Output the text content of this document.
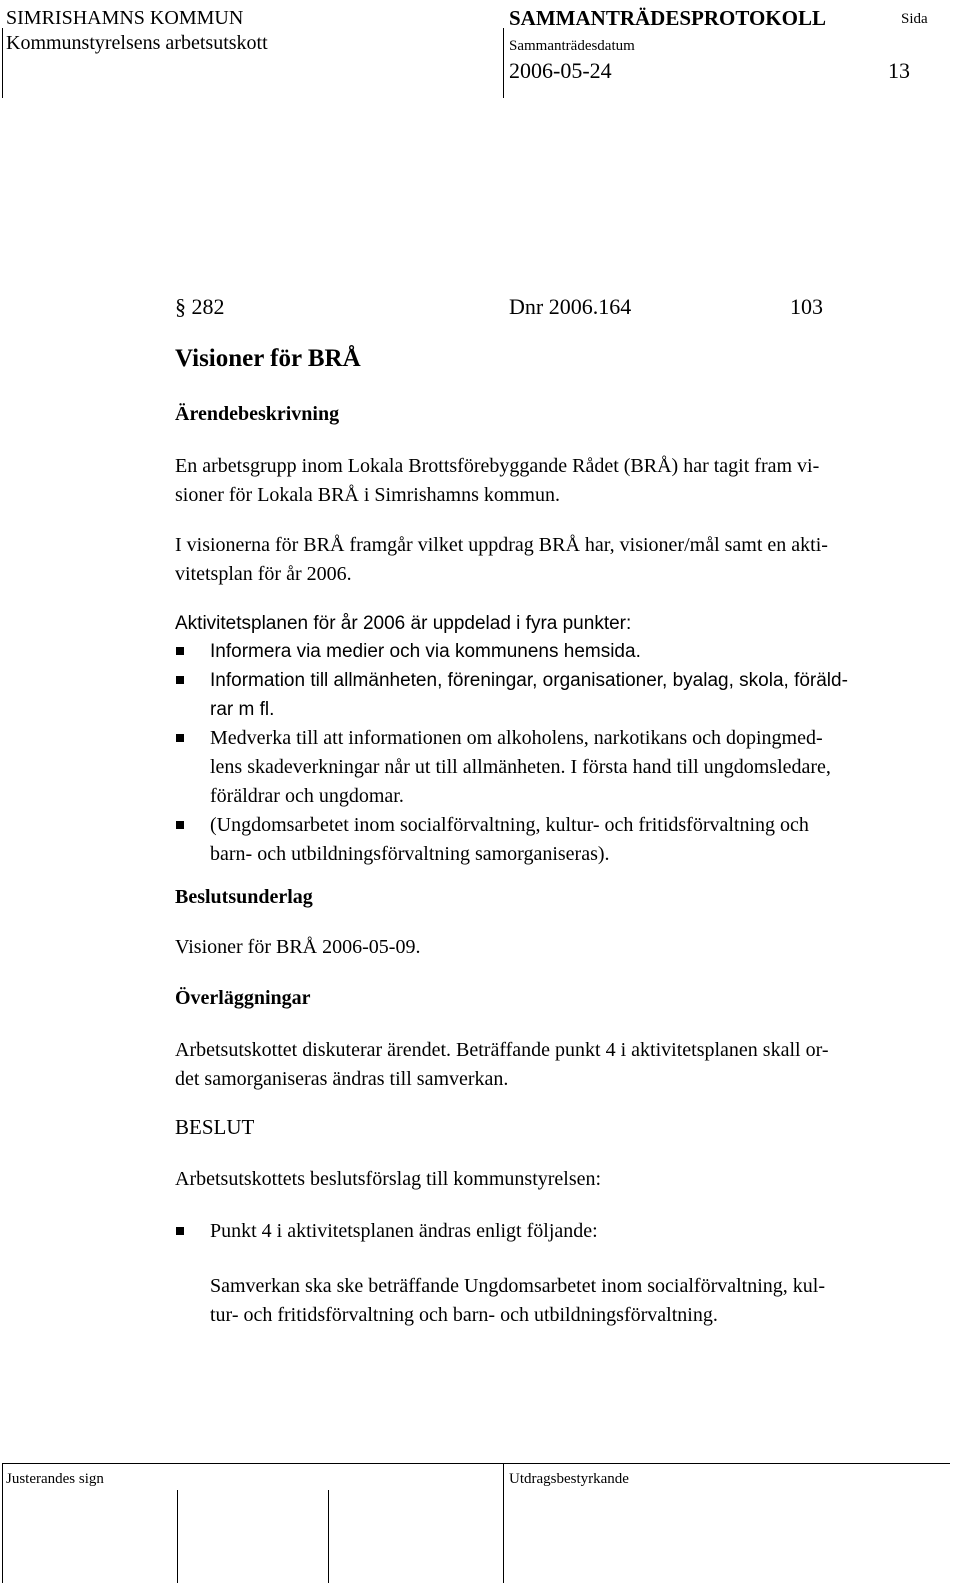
SIMRISHAMNS KOMMUN
Kommunstyrelsens arbetsutskott
SAMMANTRÄDESPROTOKOLL	Sida
Sammanträdesdatum
2006-05-24	13
§ 282	Dnr 2006.164	103
Visioner för BRÅ
Ärendebeskrivning
En arbetsgrupp inom Lokala Brottsförebyggande Rådet (BRÅ) har tagit fram vi-
sioner för Lokala BRÅ i Simrishamns kommun.
I visionerna för BRÅ framgår vilket uppdrag BRÅ har, visioner/mål samt en akti-
vitetsplan för år 2006.
Aktivitetsplanen för år 2006 är uppdelad i fyra punkter:
Informera via medier och via kommunens hemsida.
Information till allmänheten, föreningar, organisationer, byalag, skola, föräld-
rar m fl.
Medverka till att informationen om alkoholens, narkotikans och dopingmed-
lens skadeverkningar når ut till allmänheten. I första hand till ungdomsledare,
föräldrar och ungdomar.
(Ungdomsarbetet inom socialförvaltning, kultur- och fritidsförvaltning och
barn- och utbildningsförvaltning samorganiseras).
Beslutsunderlag
Visioner för BRÅ 2006-05-09.
Överläggningar
Arbetsutskottet diskuterar ärendet. Beträffande punkt 4 i aktivitetsplanen skall or-
det samorganiseras ändras till samverkan.
BESLUT
Arbetsutskottets beslutsförslag till kommunstyrelsen:
Punkt 4 i aktivitetsplanen ändras enligt följande:
Samverkan ska ske beträffande Ungdomsarbetet inom socialförvaltning, kul-
tur- och fritidsförvaltning och barn- och utbildningsförvaltning.
Justerandes sign	Utdragsbestyrkande
